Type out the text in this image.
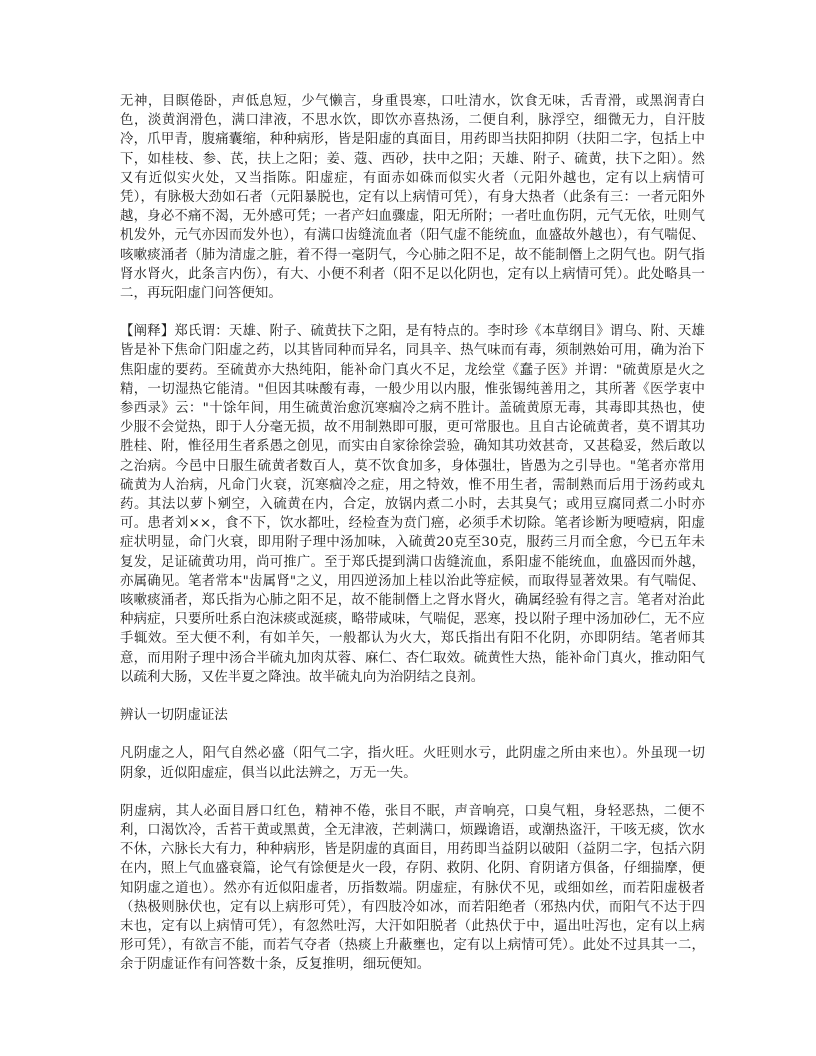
无神，目瞑倦卧，声低息短，少气懒言，身重畏寒，口吐清水，饮食无味，舌青滑，或黑润青白色，淡黄润滑色，满口津液，不思水饮，即饮亦喜热汤，二便自利，脉浮空，细微无力，自汗肢冷，爪甲青，腹痛囊缩，种种病形，皆是阳虚的真面目，用药即当扶阳抑阴（扶阳二字，包括上中下，如桂枝、参、芪，扶上之阳；姜、蔻、西砂，扶中之阳；天雄、附子、硫黄，扶下之阳）。然又有近似实火处，又当指陈。阳虚症，有面赤如硃而似实火者（元阳外越也，定有以上病情可凭），有脉极大劲如石者（元阳暴脱也，定有以上病情可凭），有身大热者（此条有三：一者元阳外越，身必不痛不渴，无外感可凭；一者产妇血骤虚，阳无所附；一者吐血伤阴，元气无依，吐则气机发外，元气亦因而发外也），有满口齿缝流血者（阳气虚不能统血，血盛故外越也），有气喘促、咳嗽痰涌者（肺为清虚之脏，着不得一毫阴气，今心肺之阳不足，故不能制僭上之阴气也。阴气指肾水肾火，此条言内伤），有大、小便不利者（阳不足以化阴也，定有以上病情可凭）。此处略具一二，再玩阳虚门问答便知。

【阐释】郑氏谓：天雄、附子、硫黄扶下之阳，是有特点的。李时珍《本草纲目》谓乌、附、天雄皆是补下焦命门阳虚之药，以其皆同种而异名，同具辛、热气味而有毒，须制熟始可用，确为治下焦阳虚的要药。至硫黄亦大热纯阳，能补命门真火不足，龙绘堂《蠢子医》并谓："硫黄原是火之精，一切湿热它能清。"但因其味酸有毒，一般少用以内服，惟张锡纯善用之，其所著《医学衷中参西录》云："十馀年间，用生硫黄治愈沉寒痼冷之病不胜计。盖硫黄原无毒，其毒即其热也，使少服不会觉热，即于人分毫无损，故不用制熟即可服，更可常服也。且自古论硫黄者，莫不谓其功胜桂、附，惟径用生者系愚之创见，而实由自家徐徐尝验，确知其功效甚奇，又甚稳妥，然后敢以之治病。今邑中日服生硫黄者数百人，莫不饮食加多，身体强壮，皆愚为之引导也。"笔者亦常用硫黄为人治病，凡命门火衰，沉寒痼冷之症，用之特效，惟不用生者，需制熟而后用于汤药或丸药。其法以萝卜剜空，入硫黄在内，合定，放锅内煮二小时，去其臭气；或用豆腐同煮二小时亦可。患者刘××，食不下，饮水都吐，经检查为贲门癌，必须手术切除。笔者诊断为哽噎病，阳虚症状明显，命门火衰，即用附子理中汤加味，入硫黄20克至30克，服药三月而全愈，今已五年未复发，足证硫黄功用，尚可推广。至于郑氏提到满口齿缝流血，系阳虚不能统血，血盛因而外越，亦属确见。笔者常本"齿属肾"之义，用四逆汤加上桂以治此等症候，而取得显著效果。有气喘促、咳嗽痰涌者，郑氏指为心肺之阳不足，故不能制僭上之肾水肾火，确属经验有得之言。笔者对治此种病症，只要所吐系白泡沫痰或涎痰，略带咸味，气喘促，恶寒，投以附子理中汤加砂仁，无不应手辄效。至大便不利，有如羊矢，一般都认为火大，郑氏指出有阳不化阴，亦即阴结。笔者师其意，而用附子理中汤合半硫丸加肉苁蓉、麻仁、杏仁取效。硫黄性大热，能补命门真火，推动阳气以疏利大肠，又佐半夏之降浊。故半硫丸向为治阴结之良剂。

辨认一切阴虚证法

凡阴虚之人，阳气自然必盛（阳气二字，指火旺。火旺则水亏，此阴虚之所由来也）。外虽现一切阴象，近似阳虚症，俱当以此法辨之，万无一失。

阴虚病，其人必面目唇口红色，精神不倦，张目不眠，声音响亮，口臭气粗，身轻恶热，二便不利，口渴饮冷，舌苔干黄或黑黄，全无津液，芒刺满口，烦躁谵语，或潮热盗汗，干咳无痰，饮水不休，六脉长大有力，种种病形，皆是阴虚的真面目，用药即当益阴以破阳（益阴二字，包括六阴在内，照上气血盛衰篇，论气有馀便是火一段，存阴、救阴、化阴、育阴诸方俱备，仔细揣摩，便知阴虚之道也）。然亦有近似阳虚者，历指数端。阴虚症，有脉伏不见，或细如丝，而若阳虚极者（热极则脉伏也，定有以上病形可凭），有四肢冷如冰，而若阳绝者（邪热内伏，而阳气不达于四末也，定有以上病情可凭），有忽然吐泻，大汗如阳脱者（此热伏于中，逼出吐泻也，定有以上病形可凭），有欲言不能，而若气夺者（热痰上升蔽壅也，定有以上病情可凭）。此处不过具其一二，余于阴虚证作有问答数十条，反复推明，细玩便知。
